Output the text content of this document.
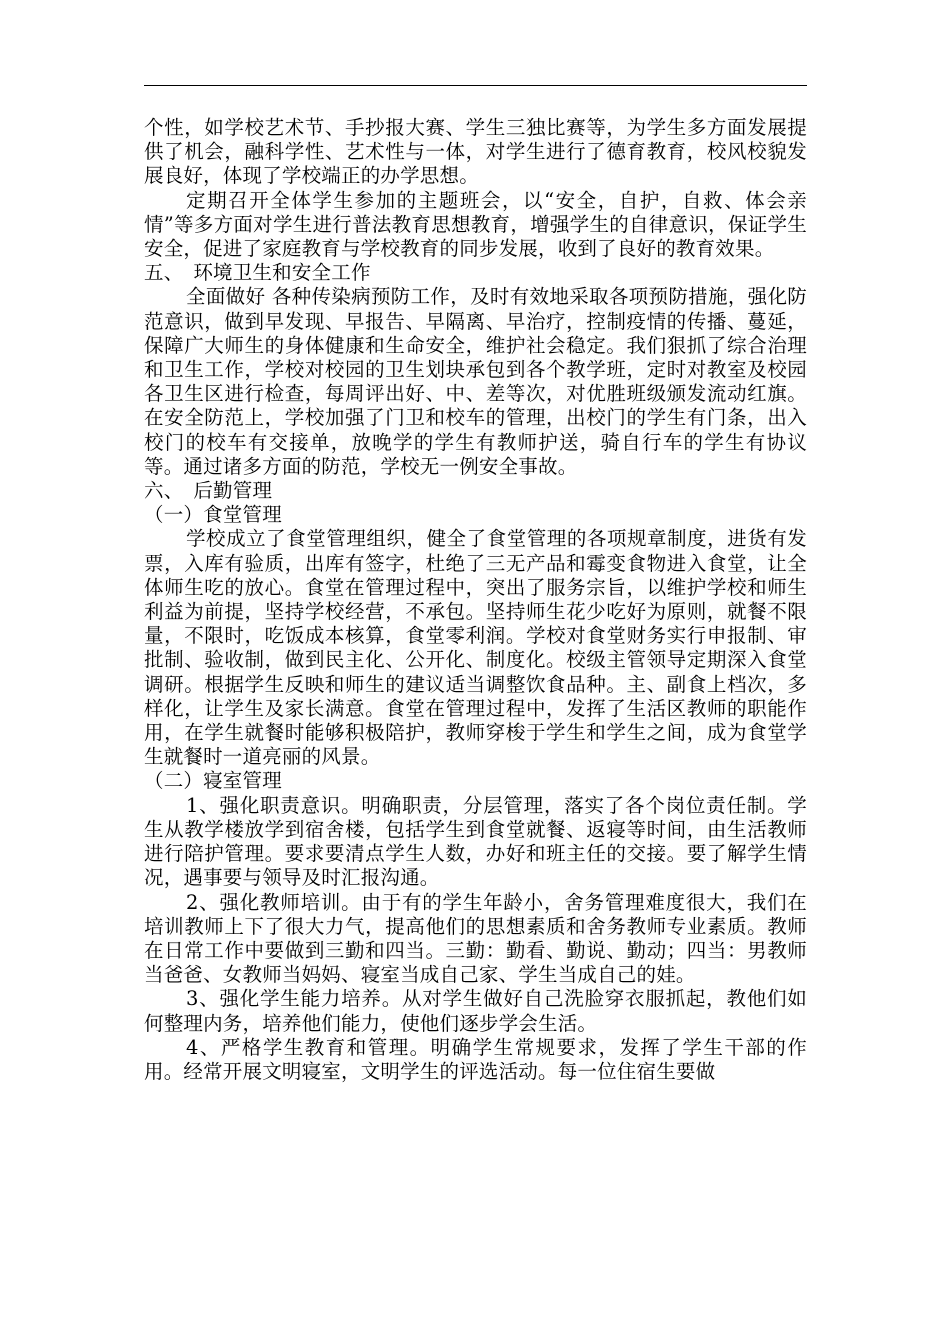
个性，如学校艺术节、手抄报大赛、学生三独比赛等，为学生多方面发展提供了机会，融科学性、艺术性与一体，对学生进行了德育教育，校风校貌发展良好，体现了学校端正的办学思想。

定期召开全体学生参加的主题班会，以“安全，自护，自救、体会亲情”等多方面对学生进行普法教育思想教育，增强学生的自律意识，保证学生安全，促进了家庭教育与学校教育的同步发展，收到了良好的教育效果。

五、　环境卫生和安全工作

全面做好 各种传染病预防工作，及时有效地采取各项预防措施，强化防范意识，做到早发现、早报告、早隔离、早治疗，控制疫情的传播、蔓延，保障广大师生的身体健康和生命安全，维护社会稳定。我们狠抓了综合治理和卫生工作，学校对校园的卫生划块承包到各个教学班，定时对教室及校园各卫生区进行检查，每周评出好、中、差等次，对优胜班级颁发流动红旗。在安全防范上，学校加强了门卫和校车的管理，出校门的学生有门条，出入校门的校车有交接单，放晚学的学生有教师护送，骑自行车的学生有协议等。通过诸多方面的防范，学校无一例安全事故。

六、　后勤管理

（一）食堂管理

学校成立了食堂管理组织，健全了食堂管理的各项规章制度，进货有发票，入库有验质，出库有签字，杜绝了三无产品和霉变食物进入食堂，让全体师生吃的放心。食堂在管理过程中，突出了服务宗旨，以维护学校和师生利益为前提，坚持学校经营，不承包。坚持师生花少吃好为原则，就餐不限量，不限时，吃饭成本核算，食堂零利润。学校对食堂财务实行申报制、审批制、验收制，做到民主化、公开化、制度化。校级主管领导定期深入食堂调研。根据学生反映和师生的建议适当调整饮食品种。主、副食上档次，多样化，让学生及家长满意。食堂在管理过程中，发挥了生活区教师的职能作用，在学生就餐时能够积极陪护，教师穿梭于学生和学生之间，成为食堂学生就餐时一道亮丽的风景。

（二）寝室管理

1、强化职责意识。明确职责，分层管理，落实了各个岗位责任制。学生从教学楼放学到宿舍楼，包括学生到食堂就餐、返寝等时间，由生活教师进行陪护管理。要求要清点学生人数，办好和班主任的交接。要了解学生情况，遇事要与领导及时汇报沟通。

2、强化教师培训。由于有的学生年龄小，舍务管理难度很大，我们在培训教师上下了很大力气，提高他们的思想素质和舍务教师专业素质。教师在日常工作中要做到三勤和四当。三勤：勤看、勤说、勤动；四当：男教师当爸爸、女教师当妈妈、寝室当成自己家、学生当成自己的娃。

3、强化学生能力培养。从对学生做好自己洗脸穿衣服抓起，教他们如何整理内务，培养他们能力，使他们逐步学会生活。

4、严格学生教育和管理。明确学生常规要求，发挥了学生干部的作用。经常开展文明寝室，文明学生的评选活动。每一位住宿生要做
